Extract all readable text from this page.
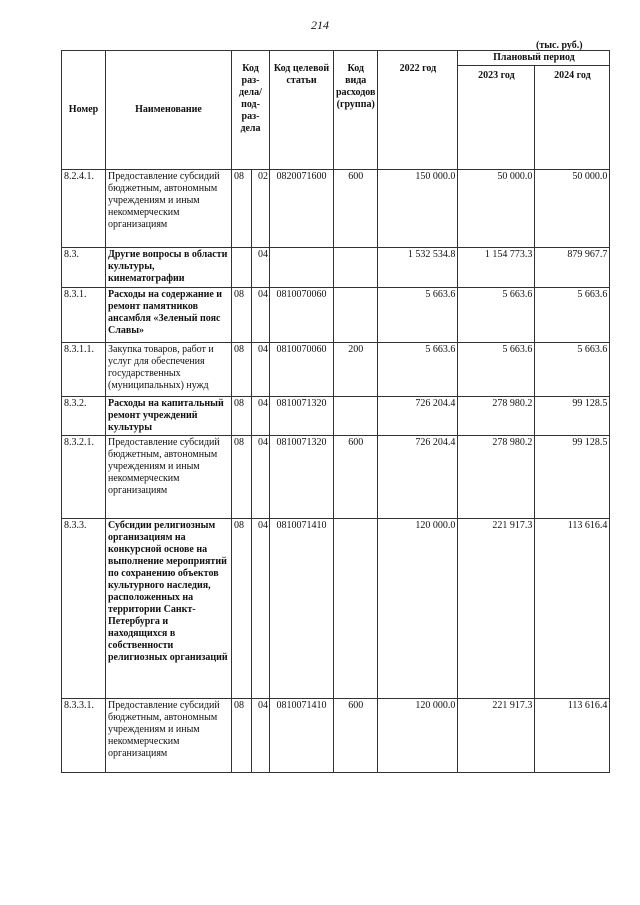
214
(тыс. руб.)
Номер	Наименование	Код раз-дела/ под-раз-дела		Код целевой статьи	Код вида расходов (группа)	2022 год	Плановый период	
							2023 год	2024 год
8.2.4.1.	Предоставление субсидий бюджетным, автономным учреждениям и иным некоммерческим организациям	08	02	0820071600	600	150 000.0	50 000.0	50 000.0
8.3.	Другие вопросы в области культуры, кинематографии		04			1 532 534.8	1 154 773.3	879 967.7
8.3.1.	Расходы на содержание и ремонт памятников ансамбля «Зеленый пояс Славы»	08	04	0810070060		5 663.6	5 663.6	5 663.6
8.3.1.1.	Закупка товаров, работ и услуг для обеспечения государственных (муниципальных) нужд	08	04	0810070060	200	5 663.6	5 663.6	5 663.6
8.3.2.	Расходы на капитальный ремонт учреждений культуры	08	04	0810071320		726 204.4	278 980.2	99 128.5
8.3.2.1.	Предоставление субсидий бюджетным, автономным учреждениям и иным некоммерческим организациям	08	04	0810071320	600	726 204.4	278 980.2	99 128.5
8.3.3.	Субсидии религиозным организациям на конкурсной основе на выполнение мероприятий по сохранению объектов культурного наследия, расположенных на территории Санкт-Петербурга и находящихся в собственности религиозных организаций	08	04	0810071410		120 000.0	221 917.3	113 616.4
8.3.3.1.	Предоставление субсидий бюджетным, автономным учреждениям и иным некоммерческим организациям	08	04	0810071410	600	120 000.0	221 917.3	113 616.4
